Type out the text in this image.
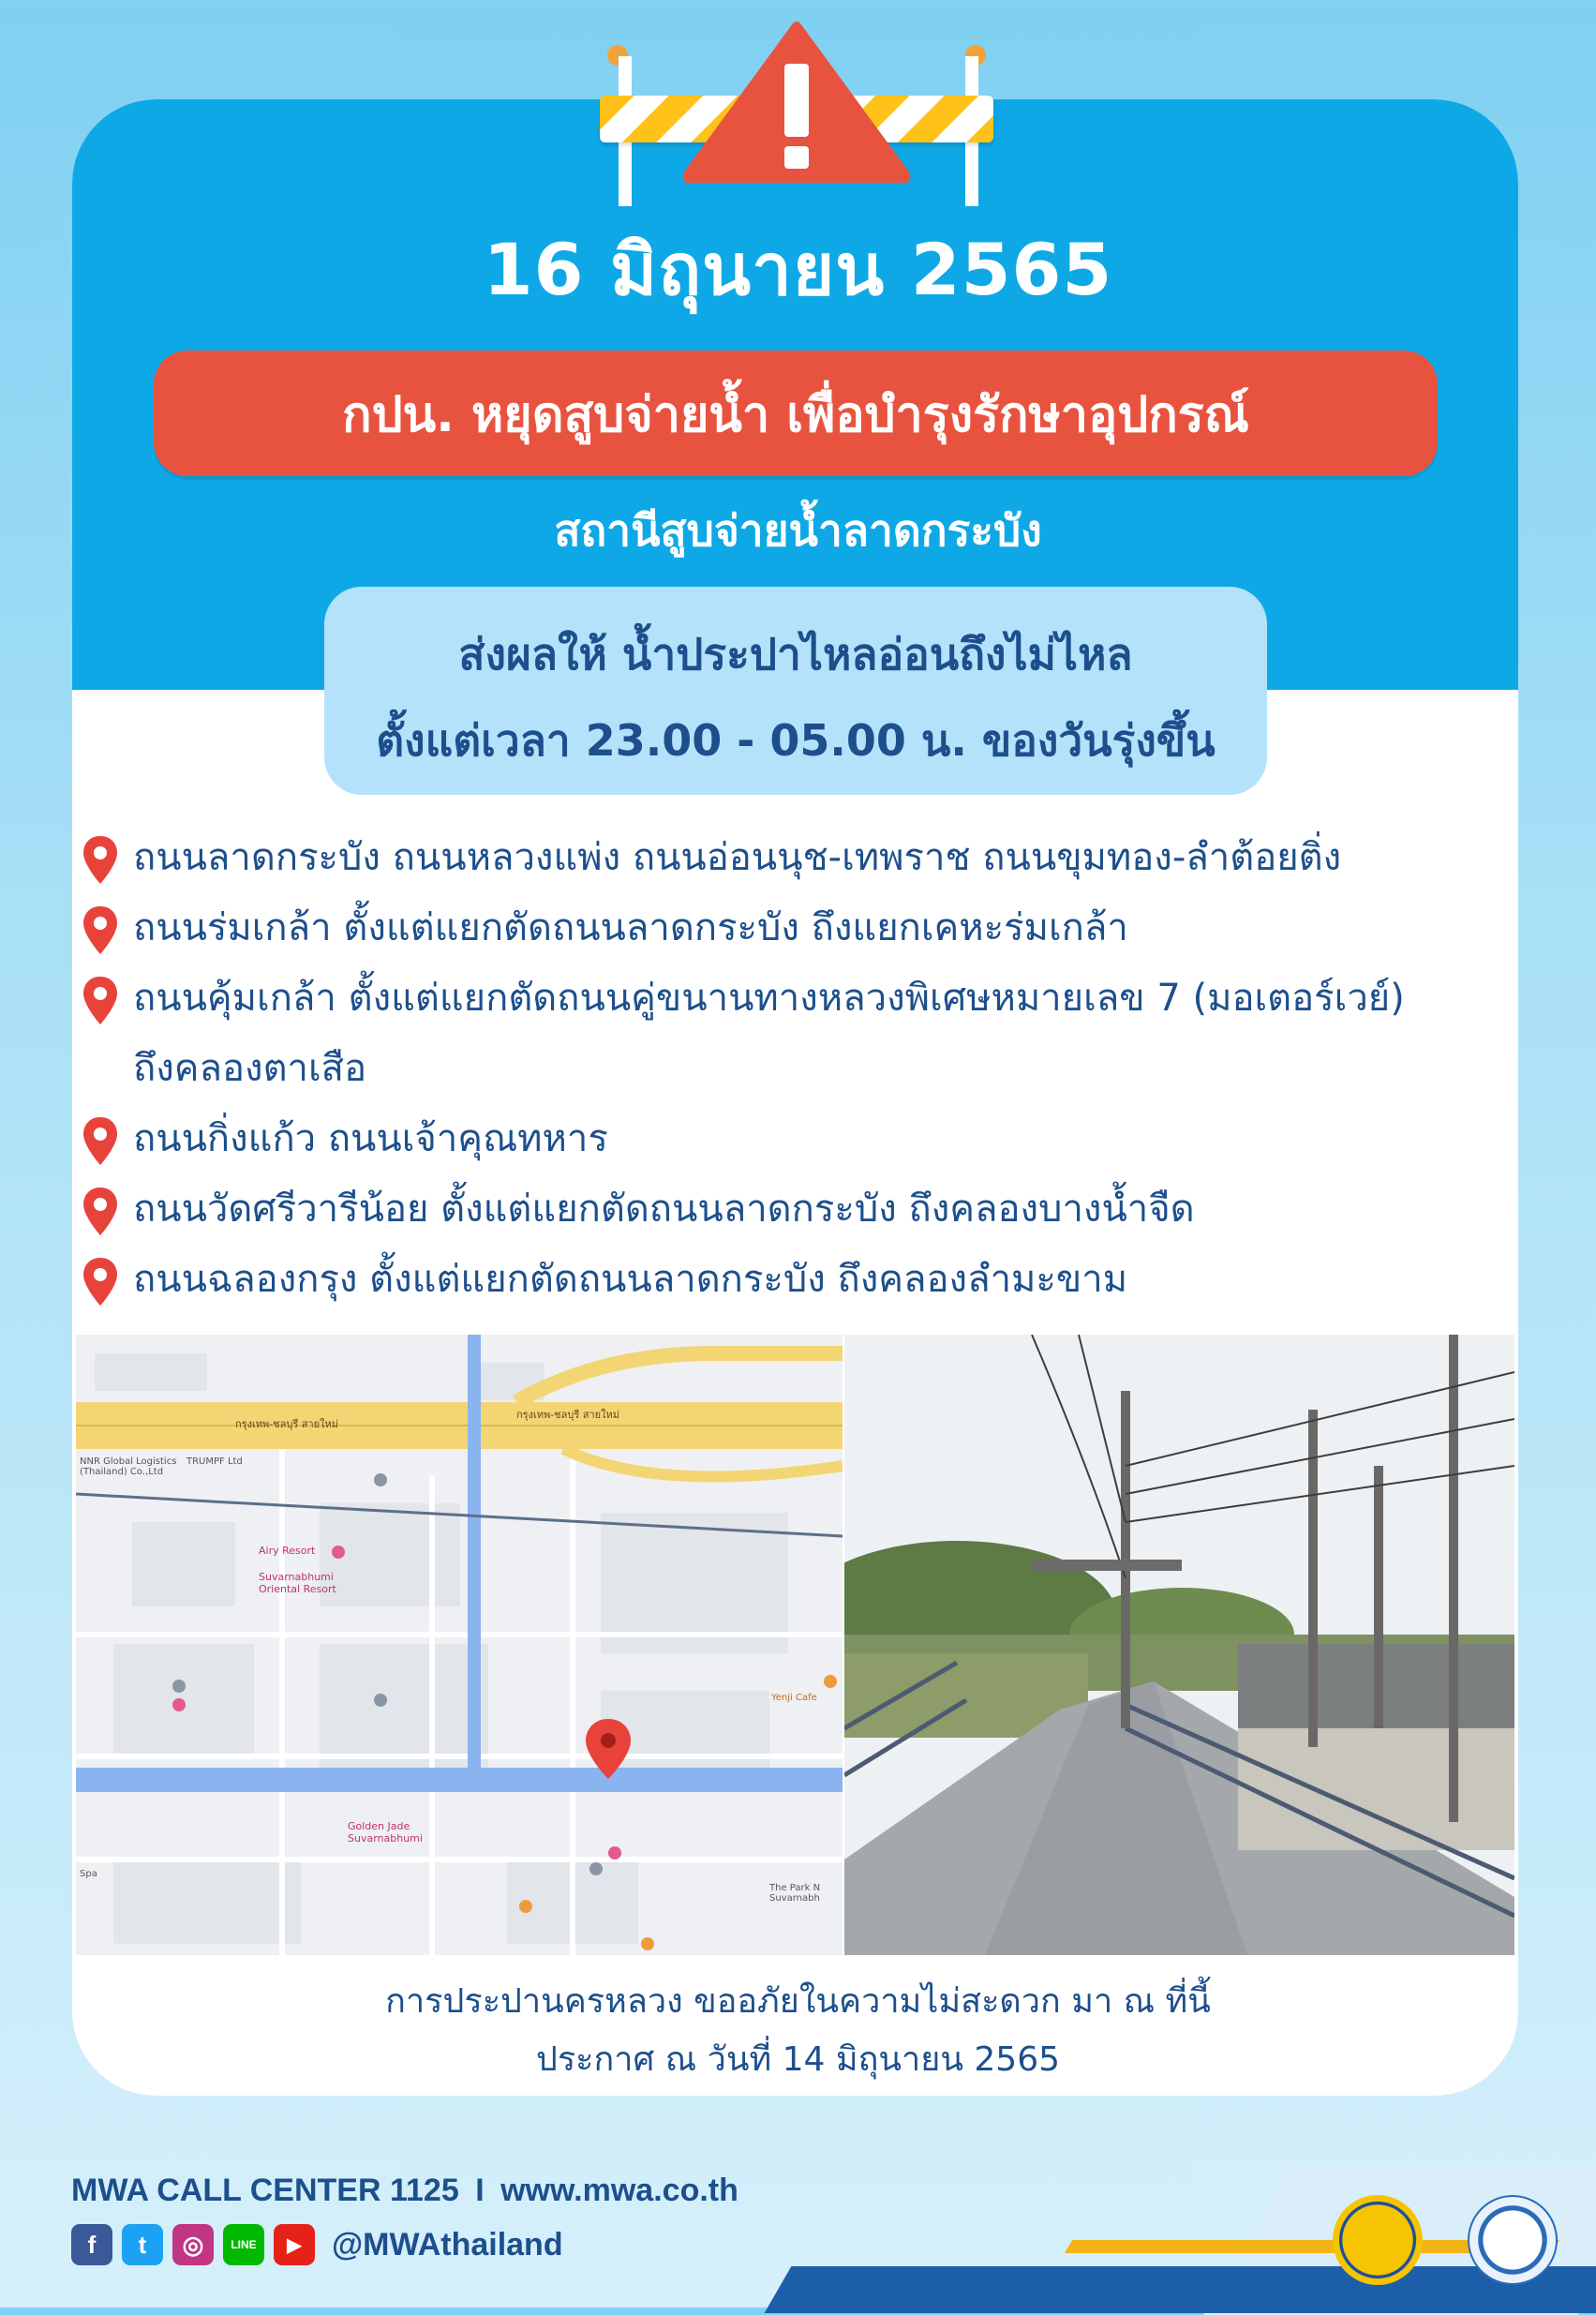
16 มิถุนายน 2565
กปน. หยุดสูบจ่ายน้ำ เพื่อบำรุงรักษาอุปกรณ์
สถานีสูบจ่ายน้ำลาดกระบัง
ส่งผลให้ น้ำประปาไหลอ่อนถึงไม่ไหล
ตั้งแต่เวลา 23.00 - 05.00 น. ของวันรุ่งขึ้น
ถนนลาดกระบัง ถนนหลวงแพ่ง ถนนอ่อนนุช-เทพราช ถนนขุมทอง-ลำต้อยติ่ง
ถนนร่มเกล้า ตั้งแต่แยกตัดถนนลาดกระบัง ถึงแยกเคหะร่มเกล้า
ถนนคุ้มเกล้า ตั้งแต่แยกตัดถนนคู่ขนานทางหลวงพิเศษหมายเลข 7 (มอเตอร์เวย์)
ถึงคลองตาเสือ
ถนนกิ่งแก้ว ถนนเจ้าคุณทหาร
ถนนวัดศรีวารีน้อย ตั้งแต่แยกตัดถนนลาดกระบัง ถึงคลองบางน้ำจืด
ถนนฉลองกรุง ตั้งแต่แยกตัดถนนลาดกระบัง ถึงคลองลำมะขาม
กรุงเทพ-ชลบุรี สายใหม่
กรุงเทพ-ชลบุรี สายใหม่
NNR Global Logistics (Thailand) Co.,Ltd
TRUMPF Ltd
Airy Resort
Suvarnabhumi Oriental Resort
Golden Jade Suvarnabhumi
The Park N Suvarnabh
Spa
Yenji Cafe
การประปานครหลวง ขออภัยในความไม่สะดวก มา ณ ที่นี้
ประกาศ ณ วันที่ 14 มิถุนายน 2565
MWA CALL CENTER 1125 I www.mwa.co.th
f	t	◎	LINE	▶ @MWAthailand
